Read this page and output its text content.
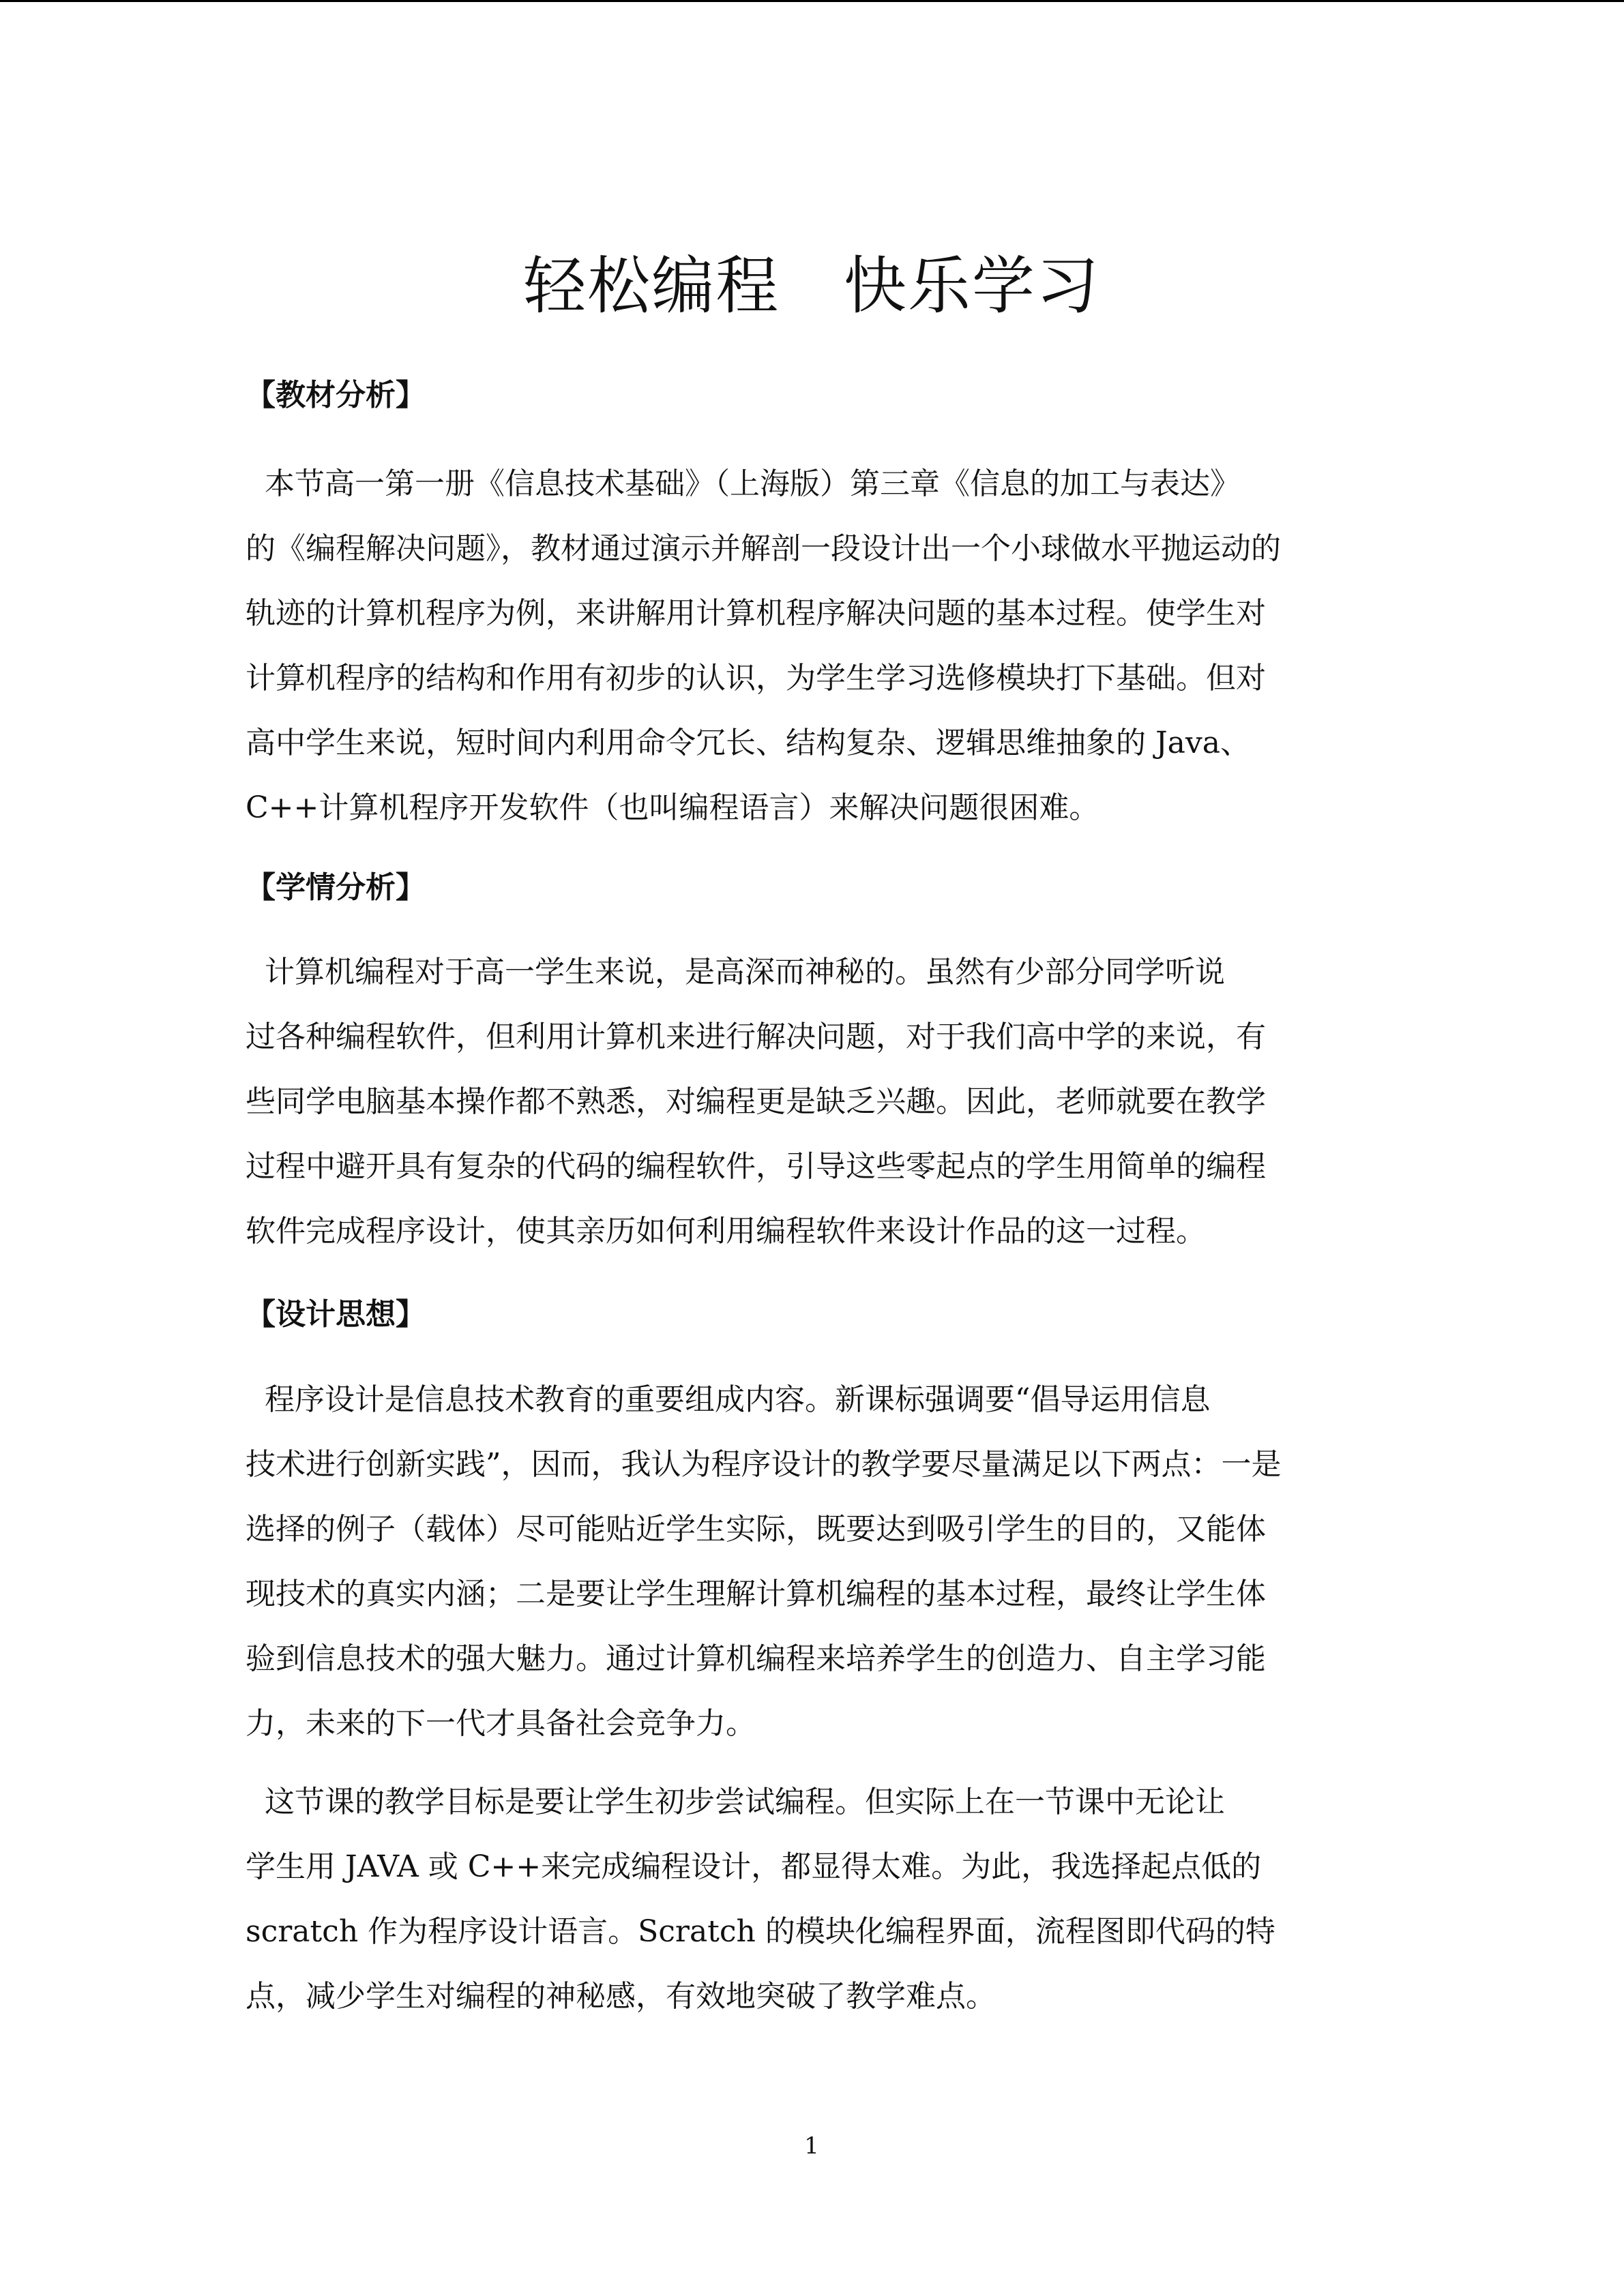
轻松编程   快乐学习
【教材分析】
本节高一第一册《信息技术基础》（上海版）第三章《信息的加工与表达》
的《编程解决问题》，教材通过演示并解剖一段设计出一个小球做水平抛运动的
轨迹的计算机程序为例，来讲解用计算机程序解决问题的基本过程。使学生对
计算机程序的结构和作用有初步的认识，为学生学习选修模块打下基础。但对
高中学生来说，短时间内利用命令冗长、结构复杂、逻辑思维抽象的 Java、
C++计算机程序开发软件（也叫编程语言）来解决问题很困难。
【学情分析】
计算机编程对于高一学生来说，是高深而神秘的。虽然有少部分同学听说
过各种编程软件，但利用计算机来进行解决问题，对于我们高中学的来说，有
些同学电脑基本操作都不熟悉，对编程更是缺乏兴趣。因此，老师就要在教学
过程中避开具有复杂的代码的编程软件，引导这些零起点的学生用简单的编程
软件完成程序设计，使其亲历如何利用编程软件来设计作品的这一过程。
【设计思想】
程序设计是信息技术教育的重要组成内容。新课标强调要“倡导运用信息
技术进行创新实践”，因而，我认为程序设计的教学要尽量满足以下两点：一是
选择的例子（载体）尽可能贴近学生实际，既要达到吸引学生的目的，又能体
现技术的真实内涵；二是要让学生理解计算机编程的基本过程，最终让学生体
验到信息技术的强大魅力。通过计算机编程来培养学生的创造力、自主学习能
力，未来的下一代才具备社会竞争力。
这节课的教学目标是要让学生初步尝试编程。但实际上在一节课中无论让
学生用 JAVA 或 C++来完成编程设计，都显得太难。为此，我选择起点低的
scratch 作为程序设计语言。Scratch 的模块化编程界面，流程图即代码的特
点，减少学生对编程的神秘感，有效地突破了教学难点。
1
